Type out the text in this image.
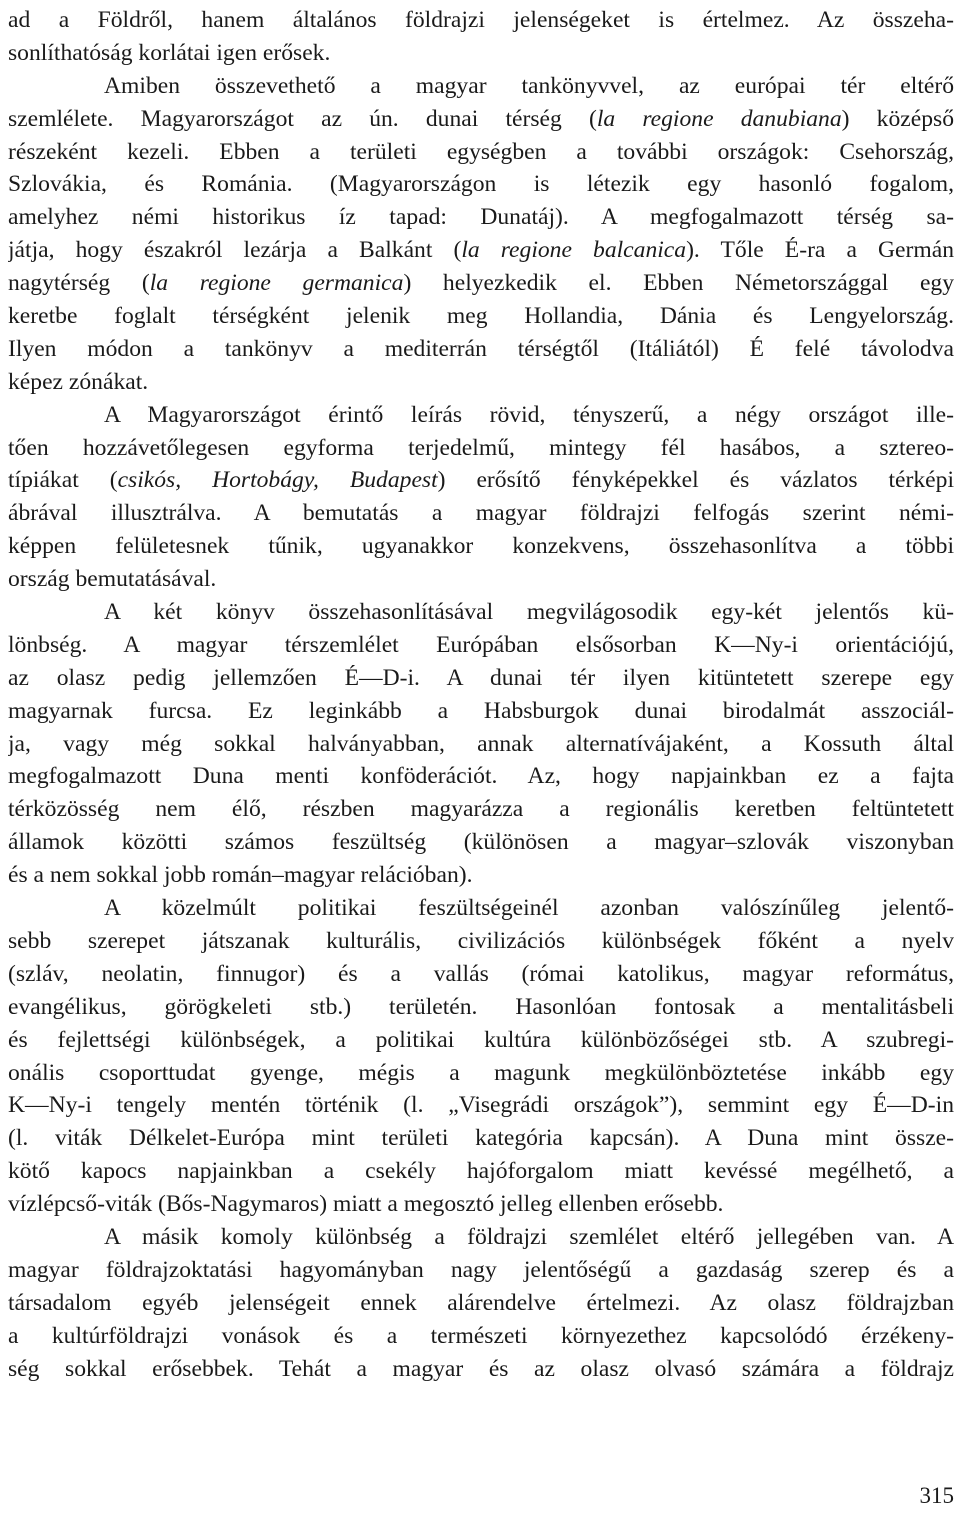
ad a Földről, hanem általános földrajzi jelenségeket is értelmez. Az összeha-
sonlíthatóság korlátai igen erősek.
Amiben összevethető a magyar tankönyvvel, az európai tér eltérő
szemlélete. Magyarországot az ún. dunai térség (la regione danubiana) középső
részeként kezeli. Ebben a területi egységben a további országok: Csehország,
Szlovákia, és Románia. (Magyarországon is létezik egy hasonló fogalom,
amelyhez némi historikus íz tapad: Dunatáj). A megfogalmazott térség sa-
játja, hogy északról lezárja a Balkánt (la regione balcanica). Tőle É-ra a Germán
nagytérség (la regione germanica) helyezkedik el. Ebben Németországgal egy
keretbe foglalt térségként jelenik meg Hollandia, Dánia és Lengyelország.
Ilyen módon a tankönyv a mediterrán térségtől (Itáliától) É felé távolodva
képez zónákat.
A Magyarországot érintő leírás rövid, tényszerű, a négy országot ille-
tően hozzávetőlegesen egyforma terjedelmű, mintegy fél hasábos, a sztereo-
típiákat (csikós, Hortobágy, Budapest) erősítő fényképekkel és vázlatos térképi
ábrával illusztrálva. A bemutatás a magyar földrajzi felfogás szerint némi-
képpen felületesnek tűnik, ugyanakkor konzekvens, összehasonlítva a többi
ország bemutatásával.
A két könyv összehasonlításával megvilágosodik egy-két jelentős kü-
lönbség. A magyar térszemlélet Európában elsősorban K—Ny-i orientációjú,
az olasz pedig jellemzően É—D-i. A dunai tér ilyen kitüntetett szerepe egy
magyarnak furcsa. Ez leginkább a Habsburgok dunai birodalmát asszociál-
ja, vagy még sokkal halványabban, annak alternatívájaként, a Kossuth által
megfogalmazott Duna menti konföderációt. Az, hogy napjainkban ez a fajta
térközösség nem élő, részben magyarázza a regionális keretben feltüntetett
államok közötti számos feszültség (különösen a magyar–szlovák viszonyban
és a nem sokkal jobb román–magyar relációban).
A közelmúlt politikai feszültségeinél azonban valószínűleg jelentő-
sebb szerepet játszanak kulturális, civilizációs különbségek főként a nyelv
(szláv, neolatin, finnugor) és a vallás (római katolikus, magyar református,
evangélikus, görögkeleti stb.) területén. Hasonlóan fontosak a mentalitásbeli
és fejlettségi különbségek, a politikai kultúra különbözőségei stb. A szubregi-
onális csoporttudat gyenge, mégis a magunk megkülönböztetése inkább egy
K—Ny-i tengely mentén történik (l. „Visegrádi országok”), semmint egy É—D-in
(l. viták Délkelet-Európa mint területi kategória kapcsán). A Duna mint össze-
kötő kapocs napjainkban a csekély hajóforgalom miatt kevéssé megélhető, a
vízlépcső-viták (Bős-Nagymaros) miatt a megosztó jelleg ellenben erősebb.
A másik komoly különbség a földrajzi szemlélet eltérő jellegében van. A
magyar földrajzoktatási hagyományban nagy jelentőségű a gazdaság szerep és a
társadalom egyéb jelenségeit ennek alárendelve értelmezi. Az olasz földrajzban
a kultúrföldrajzi vonások és a természeti környezethez kapcsolódó érzékeny-
ség sokkal erősebbek. Tehát a magyar és az olasz olvasó számára a földrajz
315
